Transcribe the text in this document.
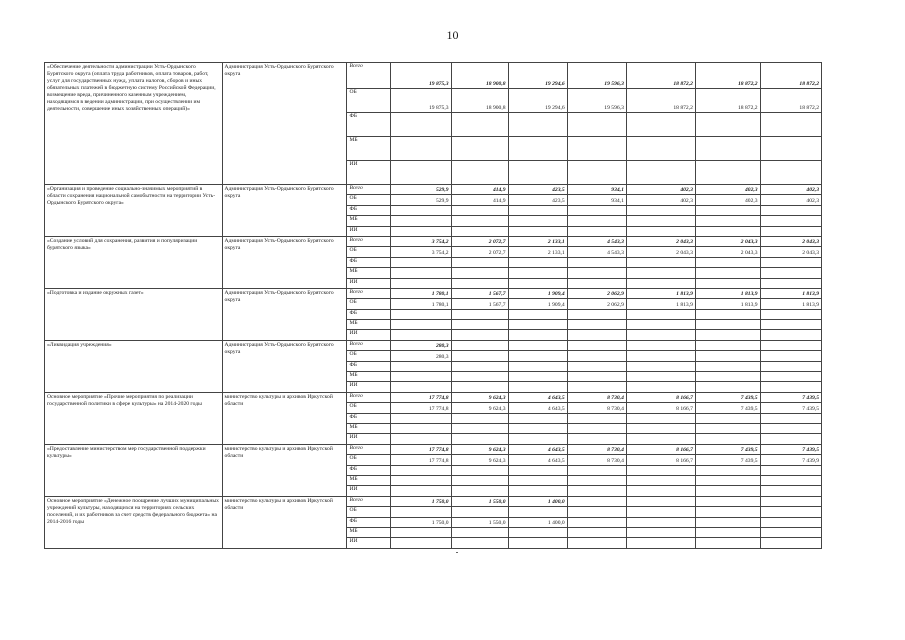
10
«Обеспечение деятельности администрации Усть-Ордынского Бурятского округа (оплата труда работников, оплата товаров, работ, услуг для государственных нужд, уплата налогов, сборов и иных обязательных платежей в бюджетную систему Российской Федерации, возмещение вреда, причиненного казенным учреждением, находящимся в ведении администрации, при осуществлении им деятельности, совершение иных хозяйственных операций)»	Администрация Усть-Ордынского Бурятского округа	Всего	19 875,3	18 900,8	19 294,6	19 596,3	18 872,2	18 872,2	18 872,2
		ОБ	19 875,3	18 900,8	19 294,6	19 596,3	18 872,2	18 872,2	18 872,2
		ФБ							
		МБ							
		ИИ							
«Организация и проведение социально-значимых мероприятий в области сохранения национальной самобытности на территории Усть-Ордынского Бурятского округа»	Администрация Усть-Ордынского Бурятского округа	Всего	529,9	414,9	423,5	934,1	402,3	402,3	402,3
		ОБ	529,9	414,9	423,5	934,1	402,3	402,3	402,3
		ФБ							
		МБ							
		ИИ							
«Создание условий для сохранения, развития и популяризации бурятского языка»	Администрация Усть-Ордынского Бурятского округа	Всего	3 754,2	2 072,7	2 133,1	4 543,3	2 043,3	2 043,3	2 043,3
		ОБ	3 754,2	2 072,7	2 133,1	4 543,3	2 043,3	2 043,3	2 043,3
		ФБ							
		МБ							
		ИИ							
«Подготовка и издание окружных газет»	Администрация Усть-Ордынского Бурятского округа	Всего	1 780,1	1 567,7	1 909,4	2 062,9	1 813,9	1 813,9	1 813,9
		ОБ	1 780,1	1 567,7	1 909,4	2 062,9	1 813,9	1 813,9	1 813,9
		ФБ							
		МБ							
		ИИ							
«Ликвидация учреждения»	Администрация Усть-Ордынского Бурятского округа	Всего	280,3						
		ОБ	280,3						
		ФБ							
		МБ							
		ИИ							
Основное мероприятие «Прочие мероприятия по реализации государственной политики в сфере культуры» на 2014-2020 годы	министерство культуры и архивов Иркутской области	Всего	17 774,8	9 624,3	4 643,5	8 730,4	8 166,7	7 439,5	7 439,5
		ОБ	17 774,8	9 624,3	4 643,5	8 730,4	8 166,7	7 439,5	7 439,5
		ФБ							
		МБ							
		ИИ							
«Предоставление министерством мер государственной поддержки культуры»	министерство культуры и архивов Иркутской области	Всего	17 774,8	9 624,3	4 643,5	8 730,4	8 166,7	7 439,5	7 439,5
		ОБ	17 774,8	9 624,3	4 643,5	8 730,4	8 166,7	7 439,5	7 439,9
		ФБ							
		МБ							
		ИИ							
Основное мероприятие «Денежное поощрение лучших муниципальных учреждений культуры, находящихся на территориях сельских поселений, и их работников за счет средств федерального бюджета» на 2014-2016 годы	министерство культуры и архивов Иркутской области	Всего	1 750,0	1 550,0	1 400,0				
		ОБ							
		ФБ	1 750,0	1 550,0	1 400,0				
		МБ							
		ИИ							
